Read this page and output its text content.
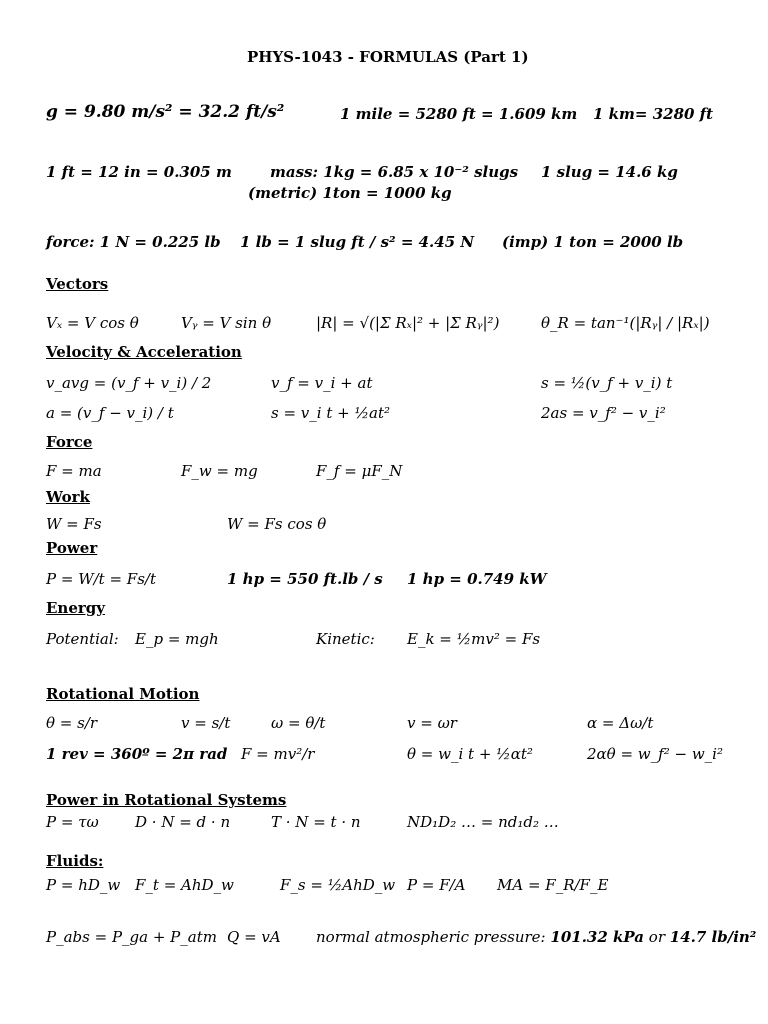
PHYS-1043 - FORMULAS (Part 1)
g = 9.80 m/s² = 32.2 ft/s²	1 mile = 5280 ft = 1.609 km 1 km= 3280 ft
1 ft = 12 in = 0.305 m	mass: 1kg = 6.85 x 10⁻² slugs
(metric) 1ton = 1000 kg
1 slug = 14.6 kg
force: 1 N = 0.225 lb 1 lb = 1 slug ft / s² = 4.45 N (imp) 1 ton = 2000 lb
Vectors
Vₓ = V cos θ	Vᵧ = V sin θ	|R| = √(|Σ Rₓ|² + |Σ Rᵧ|²)	θ_R = tan⁻¹(|Rᵧ| / |Rₓ|)
Velocity & Acceleration
v_avg = (v_f + v_i) / 2	v_f = v_i + at	s = ½(v_f + v_i) t
a = (v_f − v_i) / t	s = v_i t + ½at²	2as = v_f² − v_i²
Force
F = ma	F_w = mg	F_f = μF_N
Work
W = Fs	W = Fs cos θ
Power
P = W/t = Fs/t	1 hp = 550 ft.lb / s 1 hp = 0.749 kW
Energy
Potential: E_p = mgh	Kinetic: E_k = ½mv² = Fs
Rotational Motion
θ = s/r	v = s/t	ω = θ/t	v = ωr	α = Δω/t
1 rev = 360º = 2π rad F = mv²/r	θ = w_i t + ½αt²	2αθ = w_f² − w_i²
Power in Rotational Systems
P = τω D · N = d · n	T · N = t · n	ND₁D₂ … = nd₁d₂ …
Fluids:
P = hD_w F_t = AhD_w	F_s = ½AhD_w P = F/A MA = F_R/F_E
P_abs = P_ga + P_atm Q = vA normal atmospheric pressure: 101.32 kPa or 14.7 lb/in²
